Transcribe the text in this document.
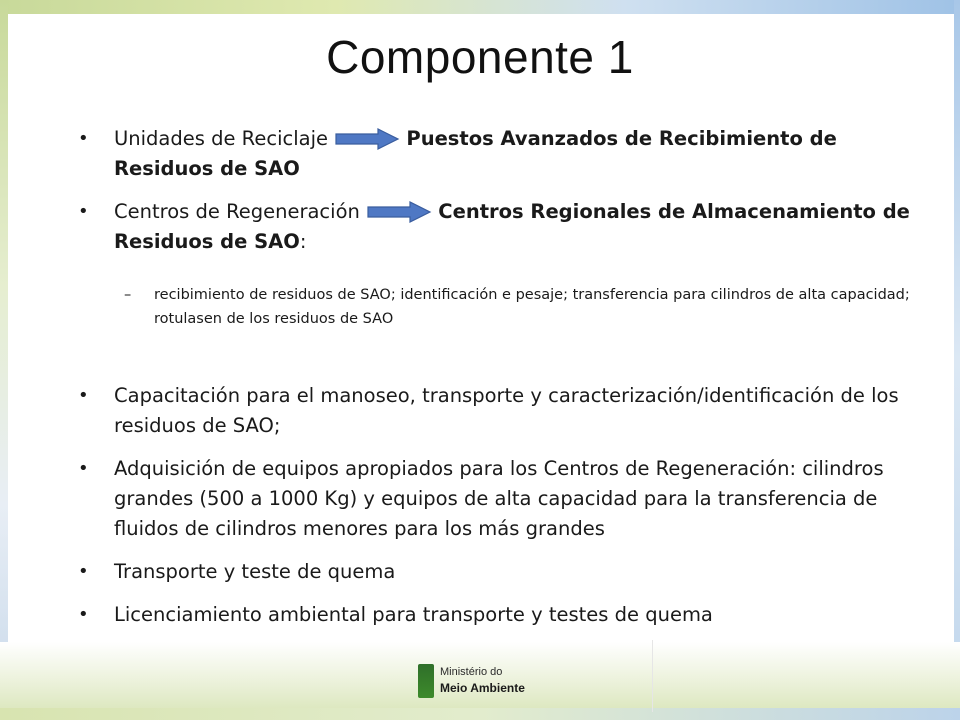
Componente 1
• Unidades de Reciclaje	Puestos Avanzados de Recibimiento de Residuos de SAO
• Centros de Regeneración	Centros Regionales de Almacenamiento de Residuos de SAO:
– recibimiento de residuos de SAO; identificación e pesaje; transferencia para cilindros de alta capacidad; rotulasen de los residuos de SAO
• Capacitación para el manoseo, transporte y caracterización/identificación de los residuos de SAO;
• Adquisición de equipos apropiados para los Centros de Regeneración: cilindros grandes (500 a 1000 Kg) y equipos de alta capacidad para la transferencia de fluidos de cilindros menores para los más grandes
• Transporte y teste de quema
• Licenciamiento ambiental para transporte y testes de quema
Ministério do
Meio Ambiente
